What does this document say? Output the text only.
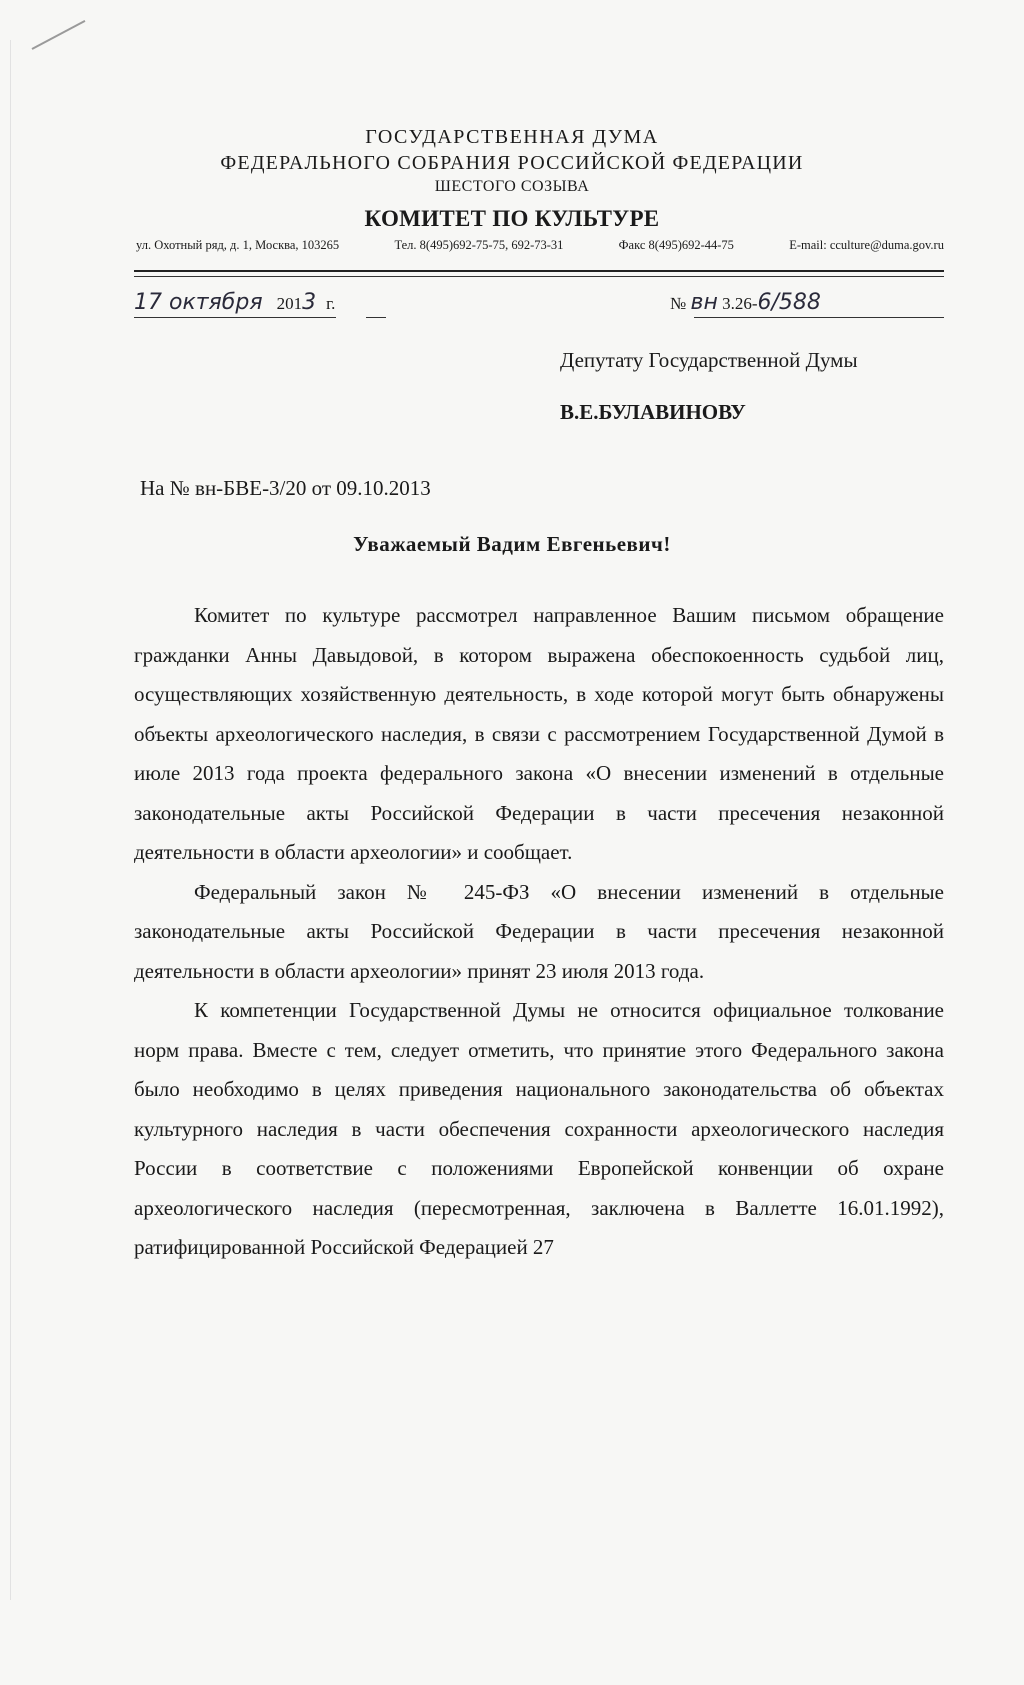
ГОСУДАРСТВЕННАЯ ДУМА
ФЕДЕРАЛЬНОГО СОБРАНИЯ РОССИЙСКОЙ ФЕДЕРАЦИИ
ШЕСТОГО СОЗЫВА
КОМИТЕТ ПО КУЛЬТУРЕ
ул. Охотный ряд, д. 1, Москва, 103265	Тел. 8(495)692-75-75, 692-73-31	Факс 8(495)692-44-75	E-mail: cculture@duma.gov.ru
17 октября 2013 г.	№ вн 3.26-6/588
Депутату Государственной Думы
В.Е.БУЛАВИНОВУ
На № вн-БВЕ-3/20 от 09.10.2013
Уважаемый Вадим Евгеньевич!

Комитет по культуре рассмотрел направленное Вашим письмом обращение гражданки Анны Давыдовой, в котором выражена обеспокоенность судьбой лиц, осуществляющих хозяйственную деятельность, в ходе которой могут быть обнаружены объекты археологического наследия, в связи с рассмотрением Государственной Думой в июле 2013 года проекта федерального закона «О внесении изменений в отдельные законодательные акты Российской Федерации в части пресечения незаконной деятельности в области археологии» и сообщает.

Федеральный закон № 245-ФЗ «О внесении изменений в отдельные законодательные акты Российской Федерации в части пресечения незаконной деятельности в области археологии» принят 23 июля 2013 года.

К компетенции Государственной Думы не относится официальное толкование норм права. Вместе с тем, следует отметить, что принятие этого Федерального закона было необходимо в целях приведения национального законодательства об объектах культурного наследия в части обеспечения сохранности археологического наследия России в соответствие с положениями Европейской конвенции об охране археологического наследия (пересмотренная, заключена в Валлетте 16.01.1992), ратифицированной Российской Федерацией 27
